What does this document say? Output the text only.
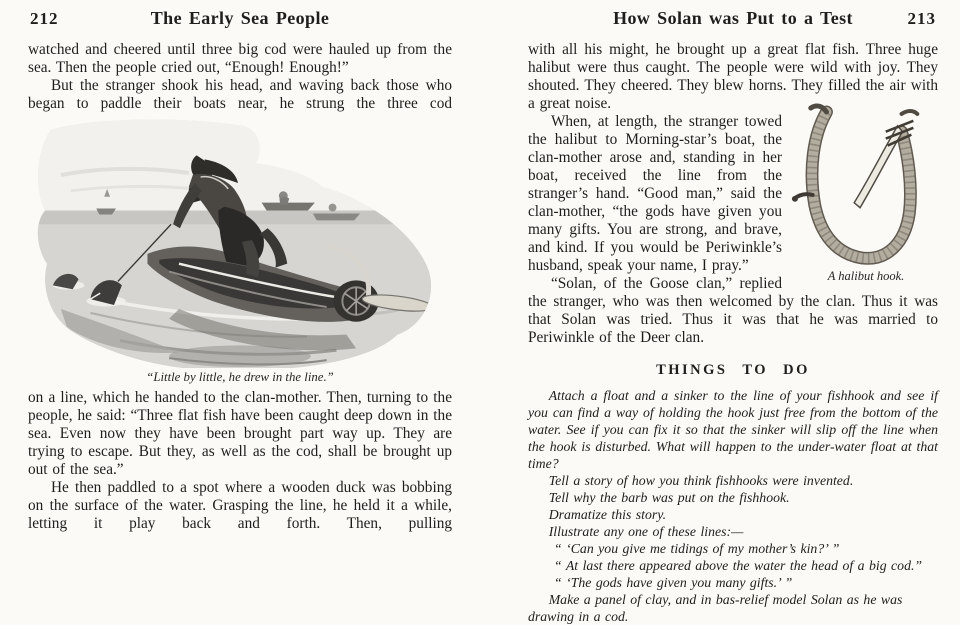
212	The Early Sea People

watched and cheered until three big cod were hauled up from the sea. Then the people cried out, “Enough! Enough!”

But the stranger shook his head, and waving back those who began to paddle their boats near, he strung the three cod

“Little by little, he drew in the line.”

on a line, which he handed to the clan-mother. Then, turning to the people, he said: “Three flat fish have been caught deep down in the sea. Even now they have been brought part way up. They are trying to escape. But they, as well as the cod, shall be brought up out of the sea.”

He then paddled to a spot where a wooden duck was bobbing on the surface of the water. Grasping the line, he held it a while, letting it play back and forth. Then, pulling

How Solan was Put to a Test	213

with all his might, he brought up a great flat fish. Three huge halibut were thus caught. The people were wild with joy. They shouted. They cheered. They blew horns. They filled the air with a great noise.

A halibut hook.

When, at length, the stranger towed the halibut to Morning-star’s boat, the clan-mother arose and, standing in her boat, received the line from the stranger’s hand. “Good man,” said the clan-mother, “the gods have given you many gifts. You are strong, and brave, and kind. If you would be Periwinkle’s husband, speak your name, I pray.”

“Solan, of the Goose clan,” replied the stranger, who was then welcomed by the clan. Thus it was that Solan was tried. Thus it was that he was married to Periwinkle of the Deer clan.

THINGS TO DO

Attach a float and a sinker to the line of your fishhook and see if you can find a way of holding the hook just free from the bottom of the water. See if you can fix it so that the sinker will slip off the line when the hook is disturbed. What will happen to the under-water float at that time?

Tell a story of how you think fishhooks were invented.

Tell why the barb was put on the fishhook.

Dramatize this story.

Illustrate any one of these lines:—

“ ‘Can you give me tidings of my mother’s kin?’ ”

“ At last there appeared above the water the head of a big cod.”

“ ‘The gods have given you many gifts.’ ”

Make a panel of clay, and in bas-relief model Solan as he was drawing in a cod.
